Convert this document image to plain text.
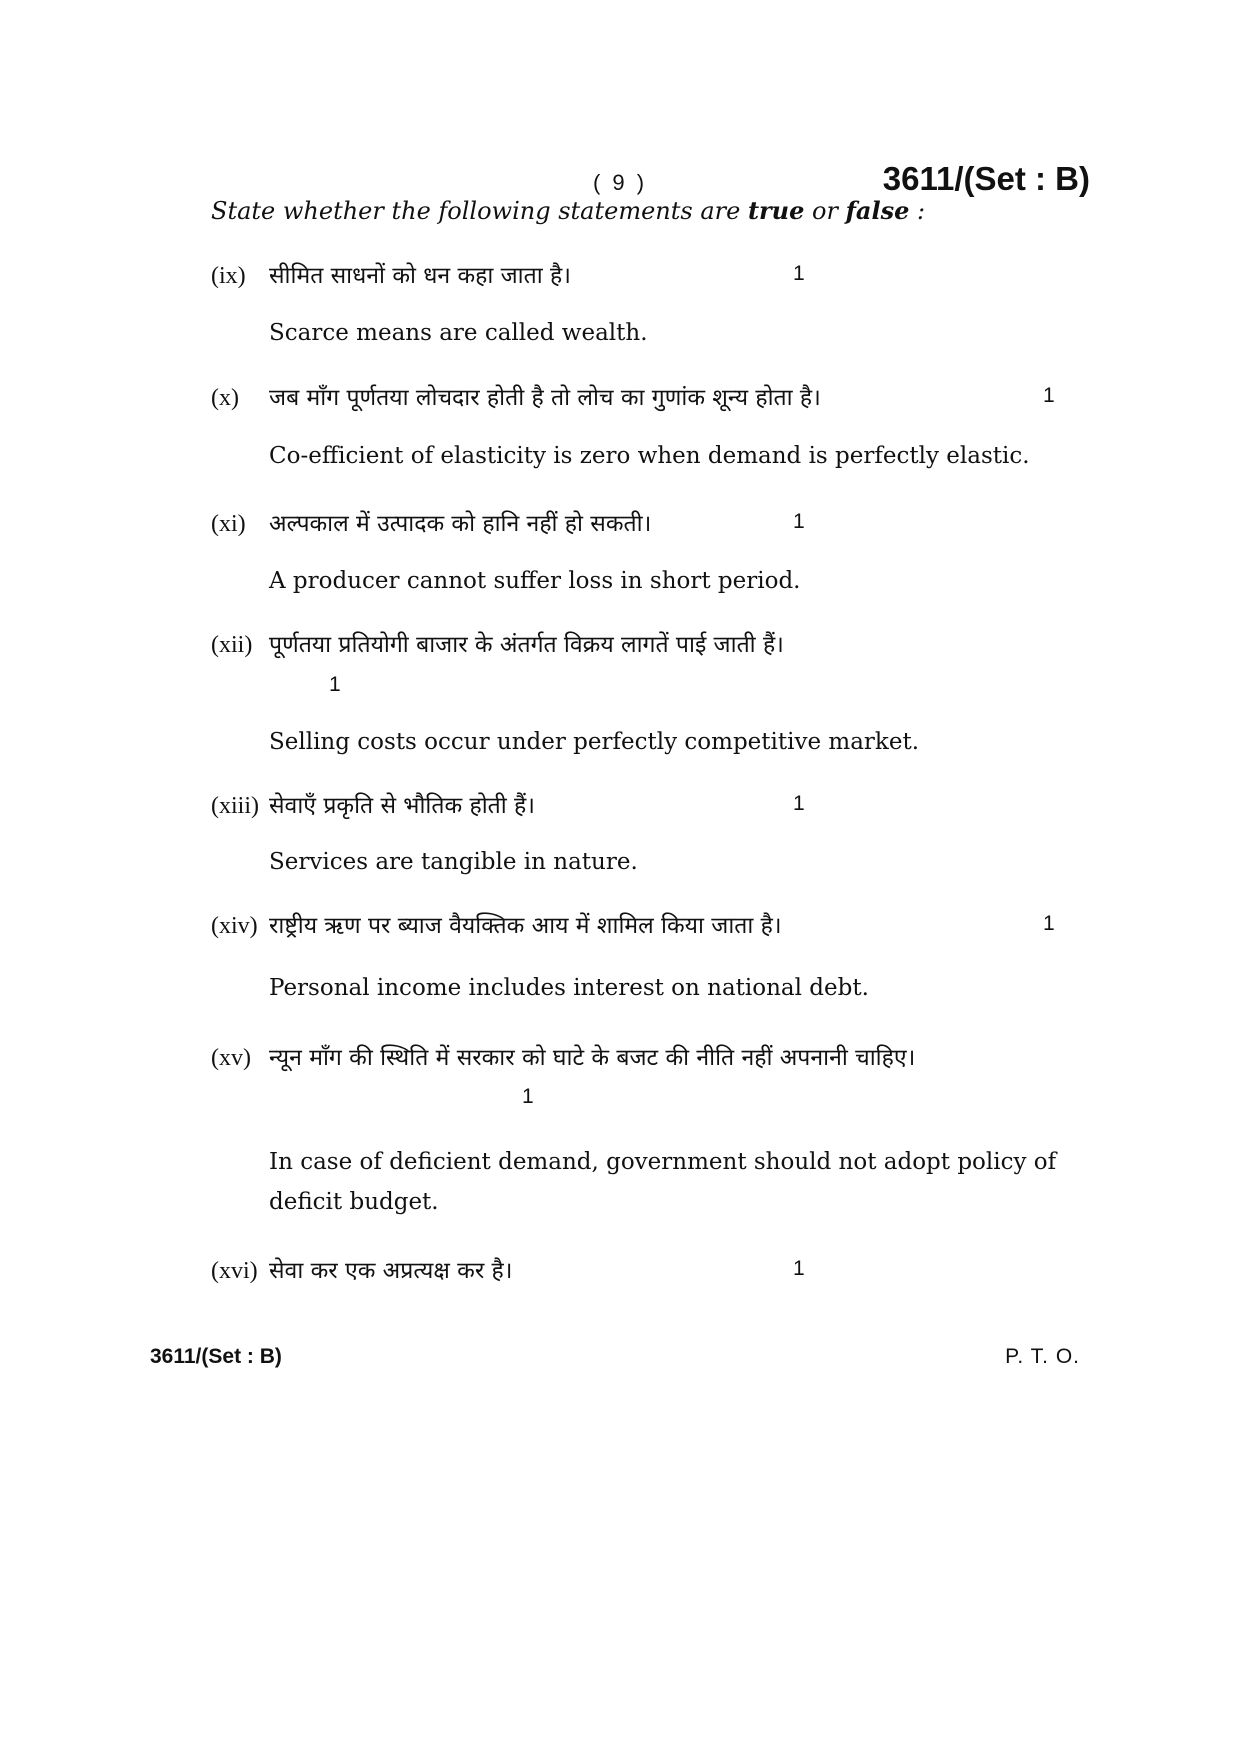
( 9 )	3611/(Set : B)
State whether the following statements are true or false :
(ix) सीमित साधनों को धन कहा जाता है।	1
Scarce means are called wealth.
(x) जब माँग पूर्णतया लोचदार होती है तो लोच का गुणांक शून्य होता है।	1
Co-efficient of elasticity is zero when demand is perfectly elastic.
(xi) अल्पकाल में उत्पादक को हानि नहीं हो सकती।	1
A producer cannot suffer loss in short period.
(xii) पूर्णतया प्रतियोगी बाजार के अंतर्गत विक्रय लागतें पाई जाती हैं।
1
Selling costs occur under perfectly competitive market.
(xiii) सेवाएँ प्रकृति से भौतिक होती हैं।	1
Services are tangible in nature.
(xiv) राष्ट्रीय ऋण पर ब्याज वैयक्तिक आय में शामिल किया जाता है।	1
Personal income includes interest on national debt.
(xv) न्यून माँग की स्थिति में सरकार को घाटे के बजट की नीति नहीं अपनानी चाहिए।
1
In case of deficient demand, government should not adopt policy of deficit budget.
(xvi) सेवा कर एक अप्रत्यक्ष कर है।	1
3611/(Set : B)	P. T. O.
